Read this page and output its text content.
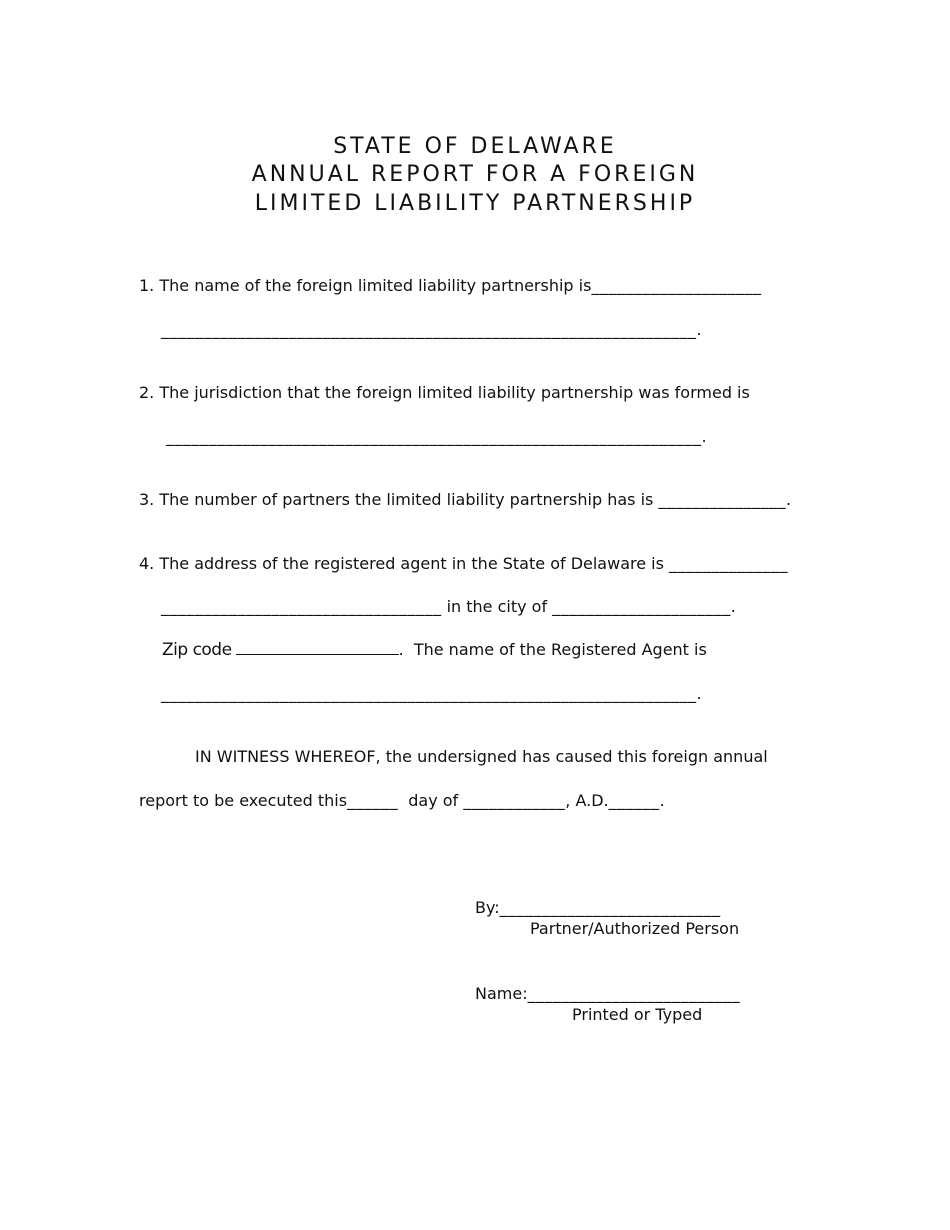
STATE OF DELAWARE
ANNUAL REPORT FOR A FOREIGN
LIMITED LIABILITY PARTNERSHIP
1. The name of the foreign limited liability partnership is____________________
_______________________________________________________________.
2. The jurisdiction that the foreign limited liability partnership was formed is
_______________________________________________________________.
3. The number of partners the limited liability partnership has is _______________.
4. The address of the registered agent in the State of Delaware is ______________
_________________________________ in the city of _____________________.
Zip code	. The name of the Registered Agent is
_______________________________________________________________.
IN WITNESS WHEREOF, the undersigned has caused this foreign annual
report to be executed this______  day of ____________, A.D.______.
By:__________________________
Partner/Authorized Person
Name:_________________________
Printed or Typed
